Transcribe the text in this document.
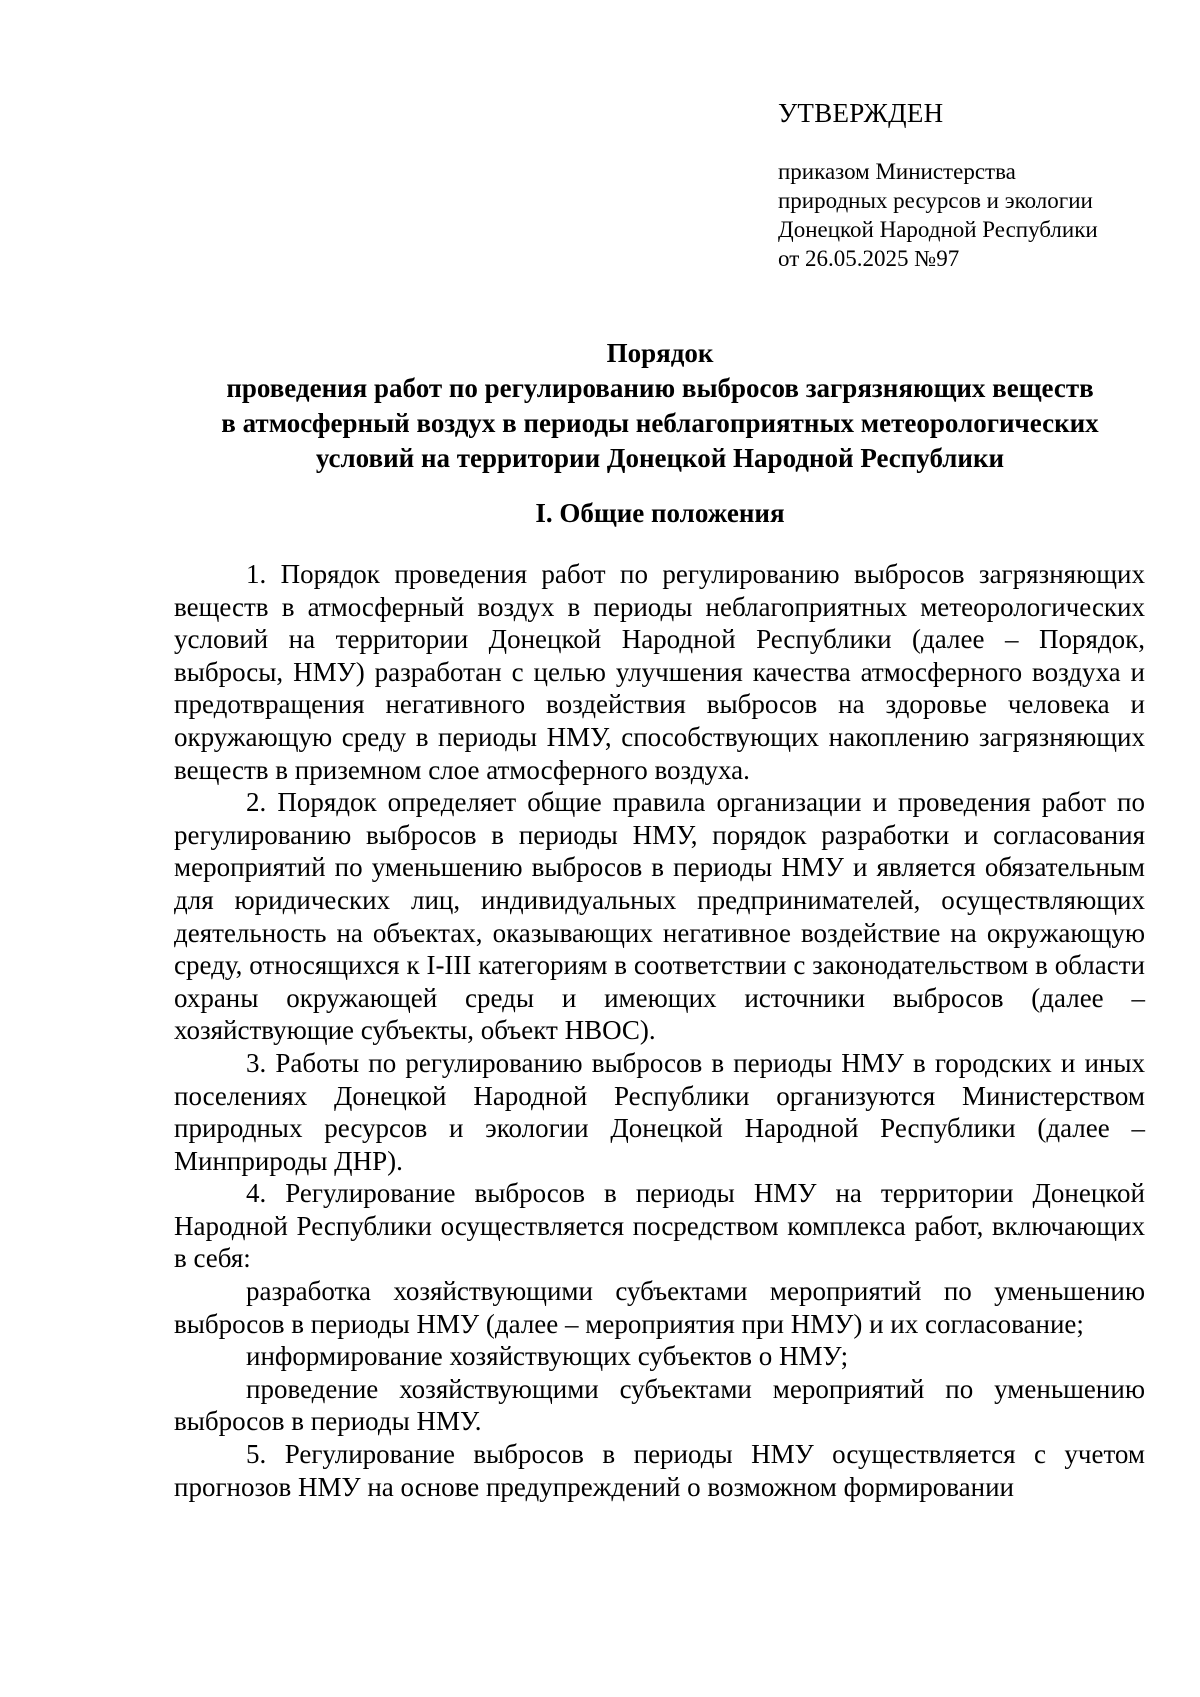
УТВЕРЖДЕН
приказом Министерства
природных ресурсов и экологии
Донецкой Народной Республики
от 26.05.2025 №97
Порядок
проведения работ по регулированию выбросов загрязняющих веществ
в атмосферный воздух в периоды неблагоприятных метеорологических
условий на территории Донецкой Народной Республики
I. Общие положения

1. Порядок проведения работ по регулированию выбросов загрязняющих веществ в атмосферный воздух в периоды неблагоприятных метеорологических условий на территории Донецкой Народной Республики (далее – Порядок, выбросы, НМУ) разработан с целью улучшения качества атмосферного воздуха и предотвращения негативного воздействия выбросов на здоровье человека и окружающую среду в периоды НМУ, способствующих накоплению загрязняющих веществ в приземном слое атмосферного воздуха.

2. Порядок определяет общие правила организации и проведения работ по регулированию выбросов в периоды НМУ, порядок разработки и согласования мероприятий по уменьшению выбросов в периоды НМУ и является обязательным для юридических лиц, индивидуальных предпринимателей, осуществляющих деятельность на объектах, оказывающих негативное воздействие на окружающую среду, относящихся к I-III категориям в соответствии с законодательством в области охраны окружающей среды и имеющих источники выбросов (далее – хозяйствующие субъекты, объект НВОС).

3. Работы по регулированию выбросов в периоды НМУ в городских и иных поселениях Донецкой Народной Республики организуются Министерством природных ресурсов и экологии Донецкой Народной Республики (далее – Минприроды ДНР).

4. Регулирование выбросов в периоды НМУ на территории Донецкой Народной Республики осуществляется посредством комплекса работ, включающих в себя:

разработка хозяйствующими субъектами мероприятий по уменьшению выбросов в периоды НМУ (далее – мероприятия при НМУ) и их согласование;

информирование хозяйствующих субъектов о НМУ;

проведение хозяйствующими субъектами мероприятий по уменьшению выбросов в периоды НМУ.

5. Регулирование выбросов в периоды НМУ осуществляется с учетом прогнозов НМУ на основе предупреждений о возможном формировании
